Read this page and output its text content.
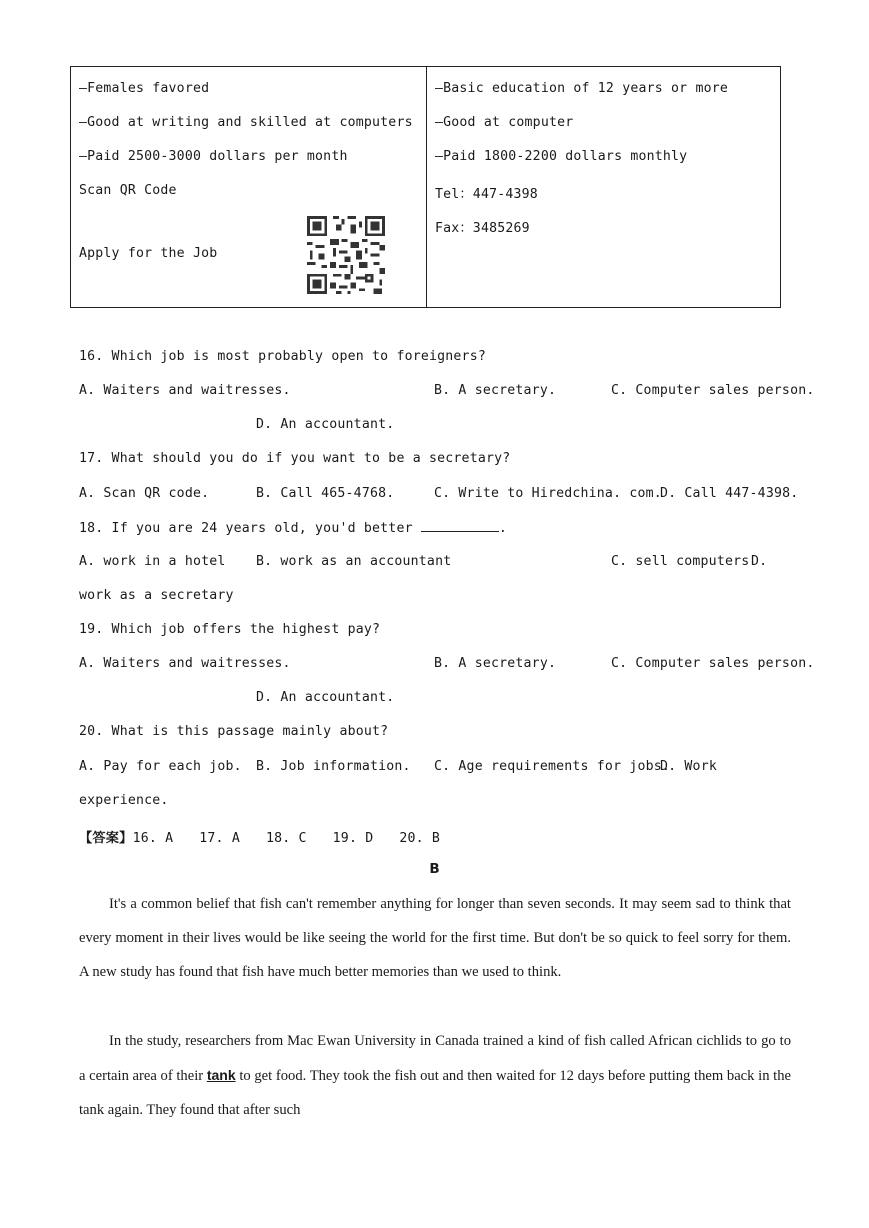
—Females favored
—Good at writing and skilled at computers
—Paid 2500-3000 dollars per month
Scan QR Code
Apply for the Job

—Basic education of 12 years or more
—Good at computer
—Paid 1800-2200 dollars monthly
Tel：447-4398
Fax：3485269
16. Which job is most probably open to foreigners?
A. Waiters and waitresses.	B. A secretary.	C. Computer sales person.
D. An accountant.
17. What should you do if you want to be a secretary?
A. Scan QR code.	B. Call 465-4768.	C. Write to Hiredchina. com.
D. Call 447-4398.
18. If you are 24 years old, you'd better	.
A. work in a hotel B. work as an accountant	C. sell computers D.
work as a secretary
19. Which job offers the highest pay?
A. Waiters and waitresses.	B. A secretary.	C. Computer sales person.
D. An accountant.
20. What is this passage mainly about?
A. Pay for each job. B. Job information. C. Age requirements for jobs.
D. Work
experience.
【答案】16. A 17. A 18. C 19. D 20. B
B
It's a common belief that fish can't remember anything for longer than seven seconds. It may seem sad to think that every moment in their lives would be like seeing the world for the first time. But don't be so quick to feel sorry for them. A new study has found that fish have much better memories than we used to think.
In the study, researchers from Mac Ewan University in Canada trained a kind of fish called African cichlids to go to a certain area of their tank to get food. They took the fish out and then waited for 12 days before putting them back in the tank again. They found that after such
